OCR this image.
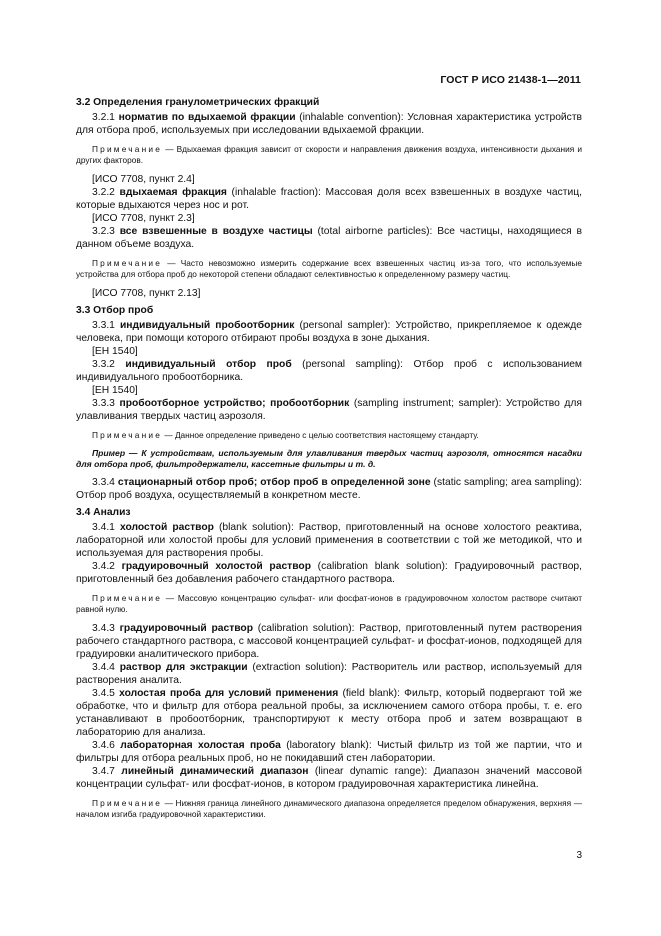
ГОСТ Р ИСО 21438-1—2011
3.2 Определения гранулометрических фракций

3.2.1 норматив по вдыхаемой фракции (inhalable convention): Условная характеристика устройств для отбора проб, используемых при исследовании вдыхаемой фракции.

Примечание — Вдыхаемая фракция зависит от скорости и направления движения воздуха, интенсивности дыхания и других факторов.

[ИСО 7708, пункт 2.4]

3.2.2 вдыхаемая фракция (inhalable fraction): Массовая доля всех взвешенных в воздухе частиц, которые вдыхаются через нос и рот.

[ИСО 7708, пункт 2.3]

3.2.3 все взвешенные в воздухе частицы (total airborne particles): Все частицы, находящиеся в данном объеме воздуха.

Примечание — Часто невозможно измерить содержание всех взвешенных частиц из-за того, что используемые устройства для отбора проб до некоторой степени обладают селективностью к определенному размеру частиц.

[ИСО 7708, пункт 2.13]

3.3 Отбор проб

3.3.1 индивидуальный пробоотборник (personal sampler): Устройство, прикрепляемое к одежде человека, при помощи которого отбирают пробы воздуха в зоне дыхания.

[ЕН 1540]

3.3.2 индивидуальный отбор проб (personal sampling): Отбор проб с использованием индивидуального пробоотборника.

[ЕН 1540]

3.3.3 пробоотборное устройство; пробоотборник (sampling instrument; sampler): Устройство для улавливания твердых частиц аэрозоля.

Примечание — Данное определение приведено с целью соответствия настоящему стандарту.

Пример — К устройствам, используемым для улавливания твердых частиц аэрозоля, относятся насадки для отбора проб, фильтродержатели, кассетные фильтры и т. д.

3.3.4 стационарный отбор проб; отбор проб в определенной зоне (static sampling; area sampling): Отбор проб воздуха, осуществляемый в конкретном месте.

3.4 Анализ

3.4.1 холостой раствор (blank solution): Раствор, приготовленный на основе холостого реактива, лабораторной или холостой пробы для условий применения в соответствии с той же методикой, что и используемая для растворения пробы.

3.4.2 градуировочный холостой раствор (calibration blank solution): Градуировочный раствор, приготовленный без добавления рабочего стандартного раствора.

Примечание — Массовую концентрацию сульфат- или фосфат-ионов в градуировочном холостом растворе считают равной нулю.

3.4.3 градуировочный раствор (calibration solution): Раствор, приготовленный путем растворения рабочего стандартного раствора, с массовой концентрацией сульфат- и фосфат-ионов, подходящей для градуировки аналитического прибора.

3.4.4 раствор для экстракции (extraction solution): Растворитель или раствор, используемый для растворения аналита.

3.4.5 холостая проба для условий применения (field blank): Фильтр, который подвергают той же обработке, что и фильтр для отбора реальной пробы, за исключением самого отбора пробы, т. е. его устанавливают в пробоотборник, транспортируют к месту отбора проб и затем возвращают в лабораторию для анализа.

3.4.6 лабораторная холостая проба (laboratory blank): Чистый фильтр из той же партии, что и фильтры для отбора реальных проб, но не покидавший стен лаборатории.

3.4.7 линейный динамический диапазон (linear dynamic range): Диапазон значений массовой концентрации сульфат- или фосфат-ионов, в котором градуировочная характеристика линейна.

Примечание — Нижняя граница линейного динамического диапазона определяется пределом обнаружения, верхняя — началом изгиба градуировочной характеристики.

3
